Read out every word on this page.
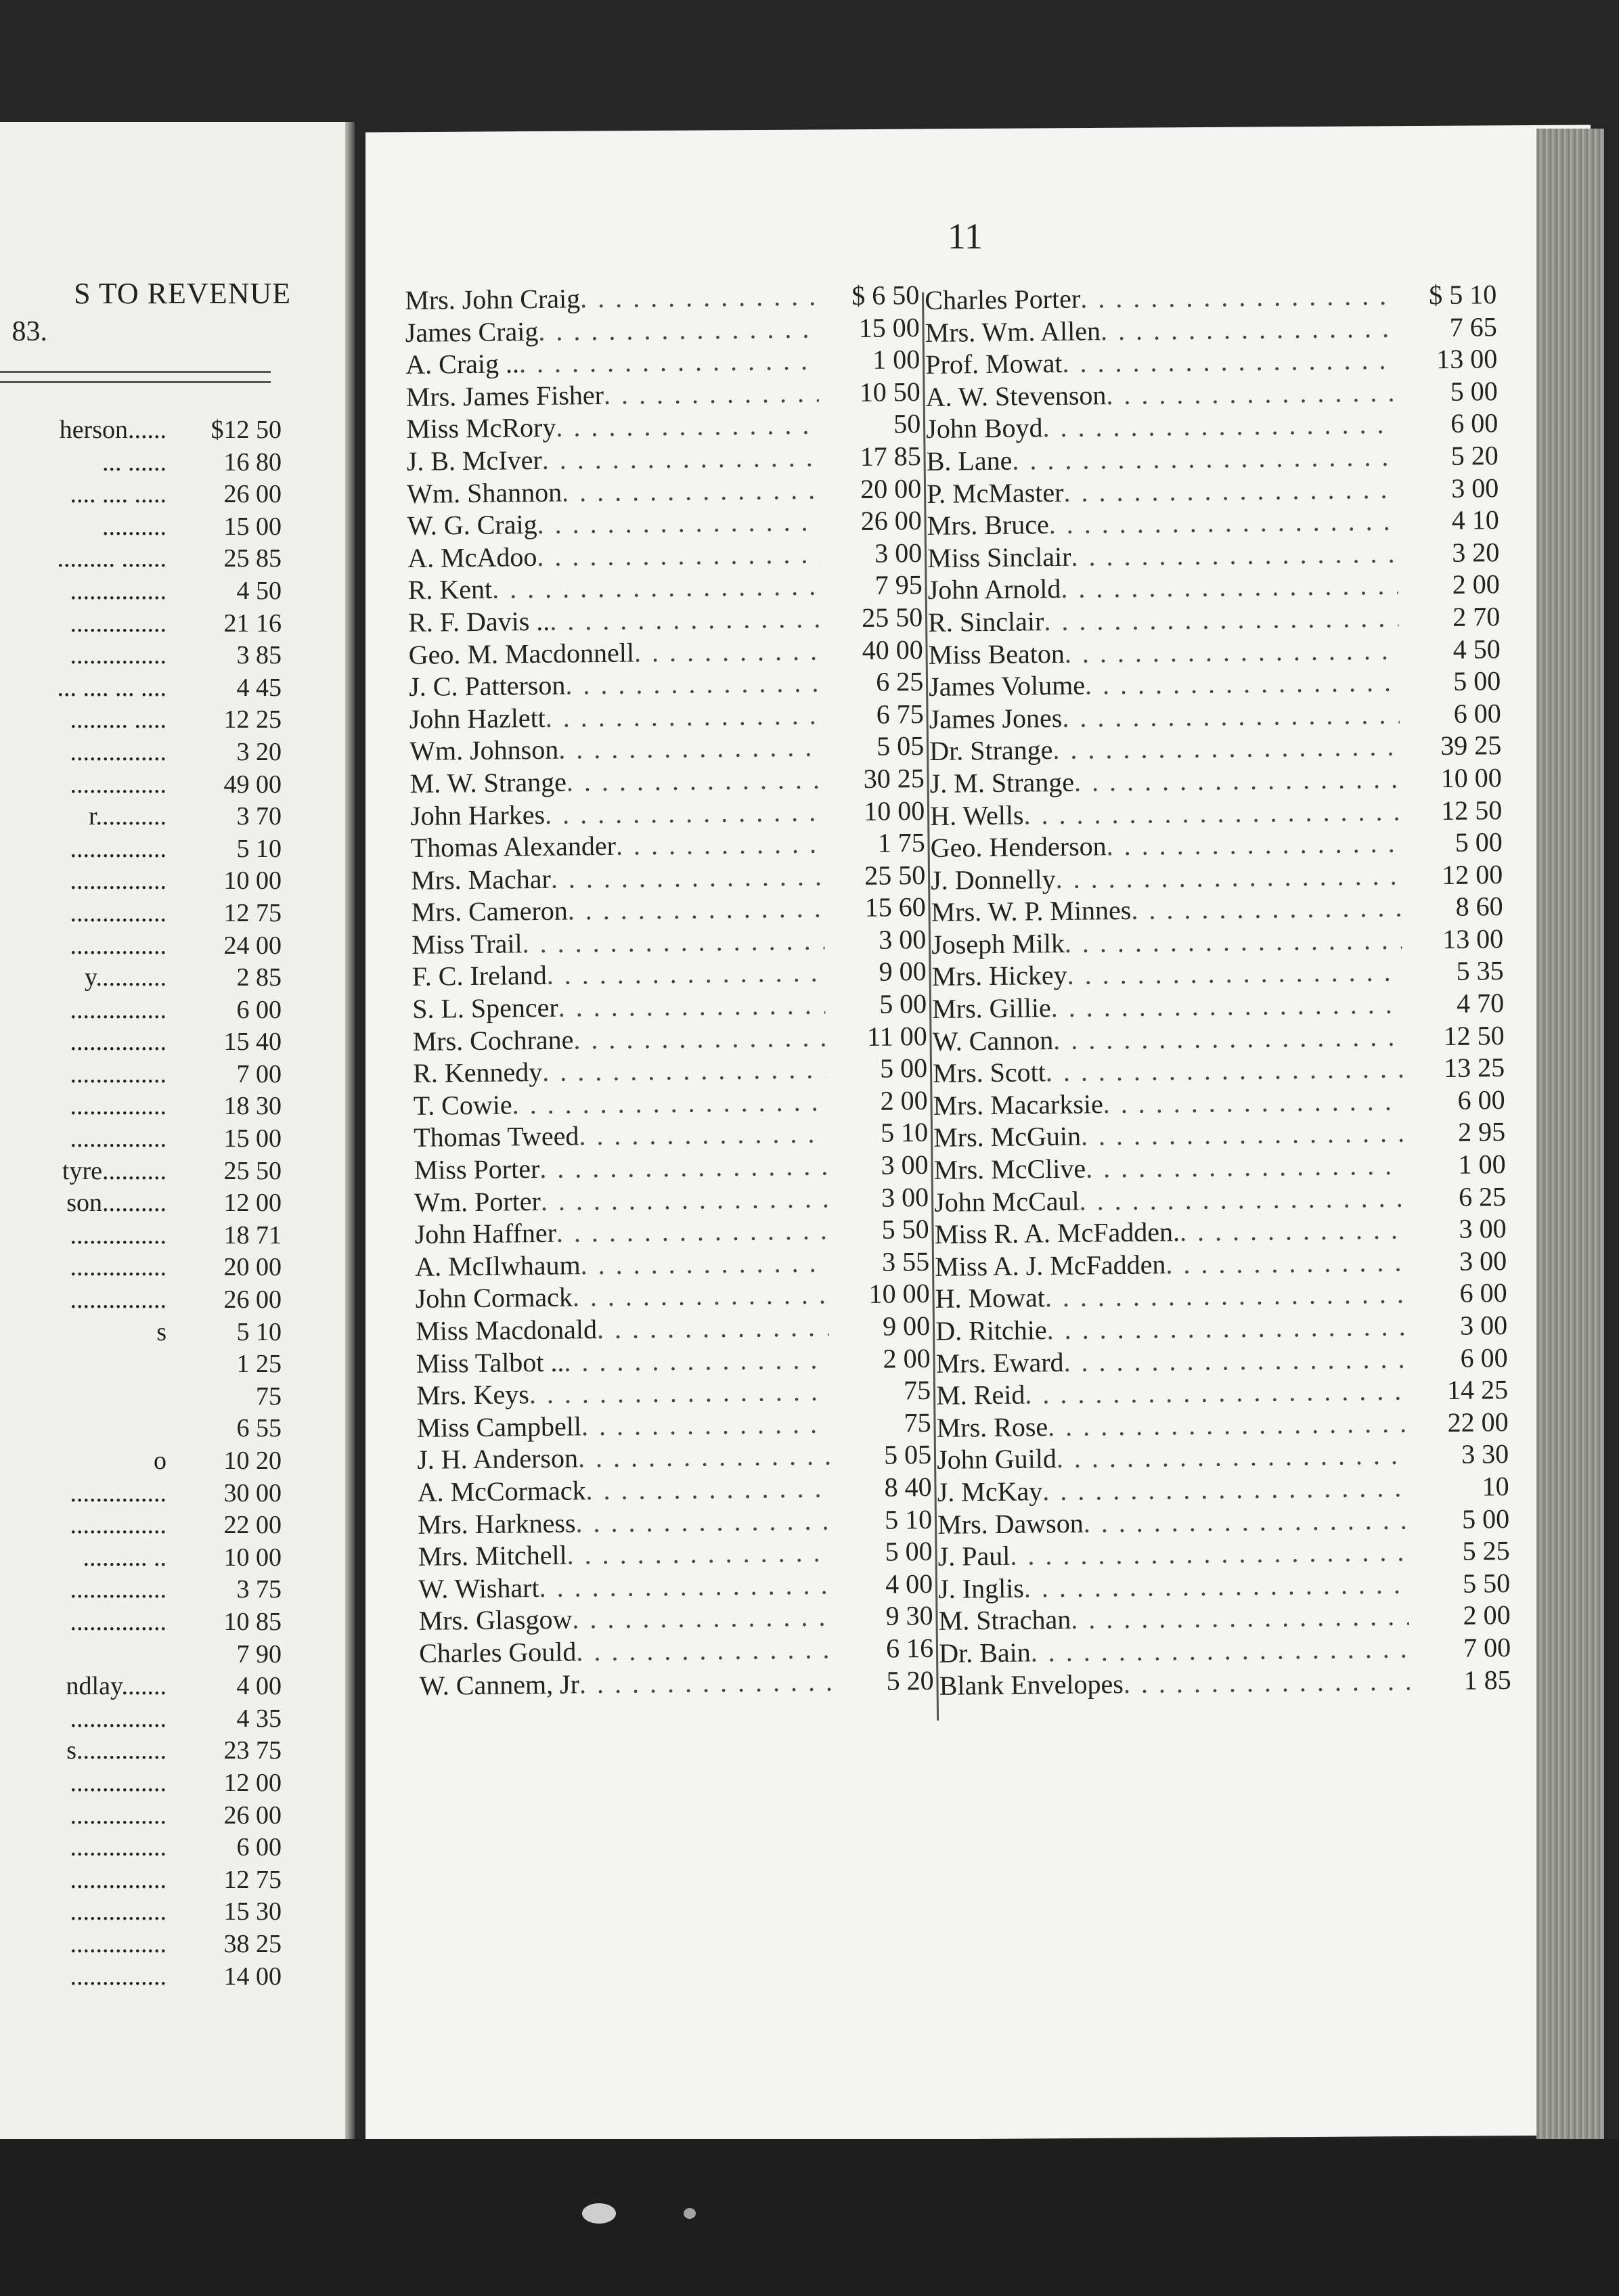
S TO REVENUE
83.
herson......	$12 50
... ......	16 80
.... .... .....	26 00
..........	15 00
......... .......	25 85
...............	4 50
...............	21 16
...............	3 85
... .... ... ....	4 45
......... .....	12 25
...............	3 20
...............	49 00
r...........	3 70
...............	5 10
...............	10 00
...............	12 75
...............	24 00
y...........	2 85
...............	6 00
...............	15 40
...............	7 00
...............	18 30
...............	15 00
tyre..........	25 50
son..........	12 00
...............	18 71
...............	20 00
...............	26 00
s	5 10
1 25
75
6 55
o	10 20
...............	30 00
...............	22 00
.......... ..	10 00
...............	3 75
...............	10 85
7 90
ndlay.......	4 00
...............	4 35
s..............	23 75
...............	12 00
...............	26 00
...............	6 00
...............	12 75
...............	15 30
...............	38 25
...............	14 00
11
Mrs. John Craig . . .	$ 6 50
James Craig . . .	15 00
A. Craig .. . . .	1 00
Mrs. James Fisher . . .	10 50
Miss McRory . . .	50
J. B. McIver . . .	17 85
Wm. Shannon . . .	20 00
W. G. Craig . . .	26 00
A. McAdoo . . .	3 00
R. Kent . . .	7 95
R. F. Davis .. . . .	25 50
Geo. M. Macdonnell . . .	40 00
J. C. Patterson . . .	6 25
John Hazlett . . .	6 75
Wm. Johnson . . .	5 05
M. W. Strange . . .	30 25
John Harkes . . .	10 00
Thomas Alexander . . .	1 75
Mrs. Machar . . .	25 50
Mrs. Cameron . . .	15 60
Miss Trail . . .	3 00
F. C. Ireland . . .	9 00
S. L. Spencer . . .	5 00
Mrs. Cochrane . . .	11 00
R. Kennedy . . .	5 00
T. Cowie . . .	2 00
Thomas Tweed . . .	5 10
Miss Porter . . .	3 00
Wm. Porter . . .	3 00
John Haffner . . .	5 50
A. McIlwhaum . . .	3 55
John Cormack . . .	10 00
Miss Macdonald . . .	9 00
Miss Talbot .. . . .	2 00
Mrs. Keys . . .	75
Miss Campbell . . .	75
J. H. Anderson . . .	5 05
A. McCormack . . .	8 40
Mrs. Harkness . . .	5 10
Mrs. Mitchell . . .	5 00
W. Wishart . . .	4 00
Mrs. Glasgow . . .	9 30
Charles Gould . . .	6 16
W. Cannem, Jr . . .	5 20
Charles Porter . . .	$ 5 10
Mrs. Wm. Allen . . .	7 65
Prof. Mowat . . .	13 00
A. W. Stevenson . . .	5 00
John Boyd . . .	6 00
B. Lane . . .	5 20
P. McMaster . . .	3 00
Mrs. Bruce . . .	4 10
Miss Sinclair . . .	3 20
John Arnold . . .	2 00
R. Sinclair . . .	2 70
Miss Beaton . . .	4 50
James Volume . . .	5 00
James Jones . . .	6 00
Dr. Strange . . .	39 25
J. M. Strange . . .	10 00
H. Wells . . .	12 50
Geo. Henderson . . .	5 00
J. Donnelly . . .	12 00
Mrs. W. P. Minnes . . .	8 60
Joseph Milk . . .	13 00
Mrs. Hickey . . .	5 35
Mrs. Gillie . . .	4 70
W. Cannon . . .	12 50
Mrs. Scott . . .	13 25
Mrs. Macarksie . . .	6 00
Mrs. McGuin . . .	2 95
Mrs. McClive . . .	1 00
John McCaul . . .	6 25
Miss R. A. McFadden. . . .	3 00
Miss A. J. McFadden . . .	3 00
H. Mowat . . .	6 00
D. Ritchie . . .	3 00
Mrs. Eward . . .	6 00
M. Reid . . .	14 25
Mrs. Rose . . .	22 00
John Guild . . .	3 30
J. McKay . . .	10
Mrs. Dawson . . .	5 00
J. Paul . . .	5 25
J. Inglis . . .	5 50
M. Strachan . . .	2 00
Dr. Bain . . .	7 00
Blank Envelopes . . .	1 85
